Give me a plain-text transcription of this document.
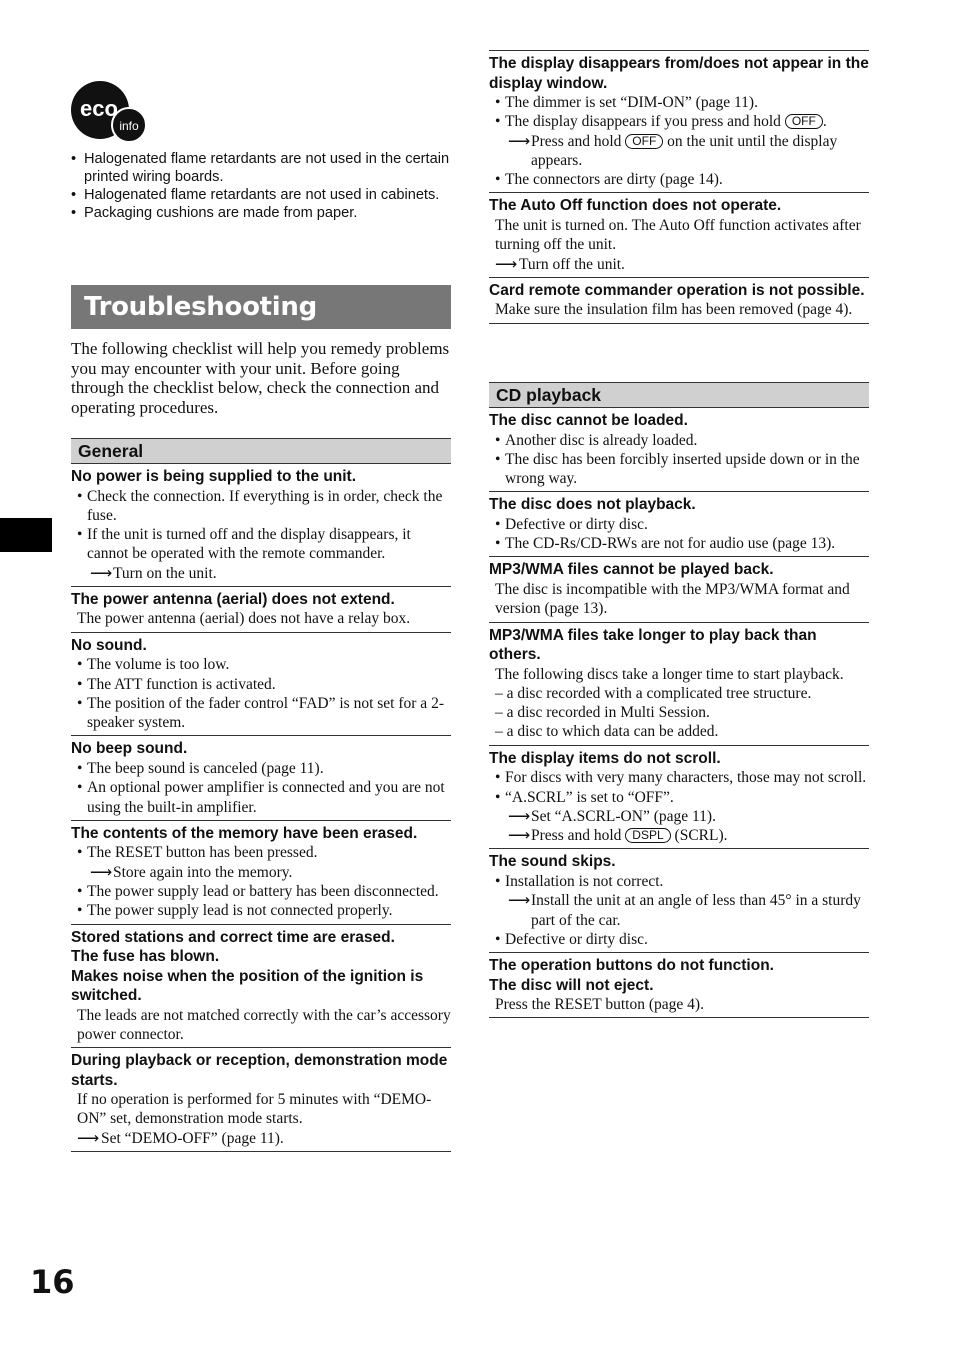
eco
info
• Halogenated flame retardants are not used in the certain printed wiring boards.
• Halogenated flame retardants are not used in cabinets.
• Packaging cushions are made from paper.
Troubleshooting

The following checklist will help you remedy problems you may encounter with your unit. Before going through the checklist below, check the connection and operating procedures.

General

No power is being supplied to the unit.

• Check the connection. If everything is in order, check the fuse.
• If the unit is turned off and the display disappears, it cannot be operated with the remote commander.
⟶ Turn on the unit.

The power antenna (aerial) does not extend.

The power antenna (aerial) does not have a relay box.

No sound.

• The volume is too low.
• The ATT function is activated.
• The position of the fader control “FAD” is not set for a 2-speaker system.

No beep sound.

• The beep sound is canceled (page 11).
• An optional power amplifier is connected and you are not using the built-in amplifier.

The contents of the memory have been erased.

• The RESET button has been pressed.
⟶ Store again into the memory.
• The power supply lead or battery has been disconnected.
• The power supply lead is not connected properly.

Stored stations and correct time are erased.

The fuse has blown.

Makes noise when the position of the ignition is switched.

The leads are not matched correctly with the car’s accessory power connector.

During playback or reception, demonstration mode starts.

If no operation is performed for 5 minutes with “DEMO-ON” set, demonstration mode starts.
⟶ Set “DEMO-OFF” (page 11).

The display disappears from/does not appear in the display window.

• The dimmer is set “DIM-ON” (page 11).
• The display disappears if you press and hold OFF .
⟶ Press and hold OFF on the unit until the display appears.
• The connectors are dirty (page 14).

The Auto Off function does not operate.

The unit is turned on. The Auto Off function activates after turning off the unit.
⟶ Turn off the unit.

Card remote commander operation is not possible.

Make sure the insulation film has been removed (page 4).
CD playback

The disc cannot be loaded.

• Another disc is already loaded.
• The disc has been forcibly inserted upside down or in the wrong way.

The disc does not playback.

• Defective or dirty disc.
• The CD-Rs/CD-RWs are not for audio use (page 13).

MP3/WMA files cannot be played back.

The disc is incompatible with the MP3/WMA format and version (page 13).

MP3/WMA files take longer to play back than others.

The following discs take a longer time to start playback.
– a disc recorded with a complicated tree structure.
– a disc recorded in Multi Session.
– a disc to which data can be added.

The display items do not scroll.

• For discs with very many characters, those may not scroll.
• “A.SCRL” is set to “OFF”.
⟶ Set “A.SCRL-ON” (page 11).
⟶ Press and hold DSPL (SCRL).

The sound skips.

• Installation is not correct.
⟶ Install the unit at an angle of less than 45° in a sturdy part of the car.
• Defective or dirty disc.

The operation buttons do not function.

The disc will not eject.

Press the RESET button (page 4).
16
